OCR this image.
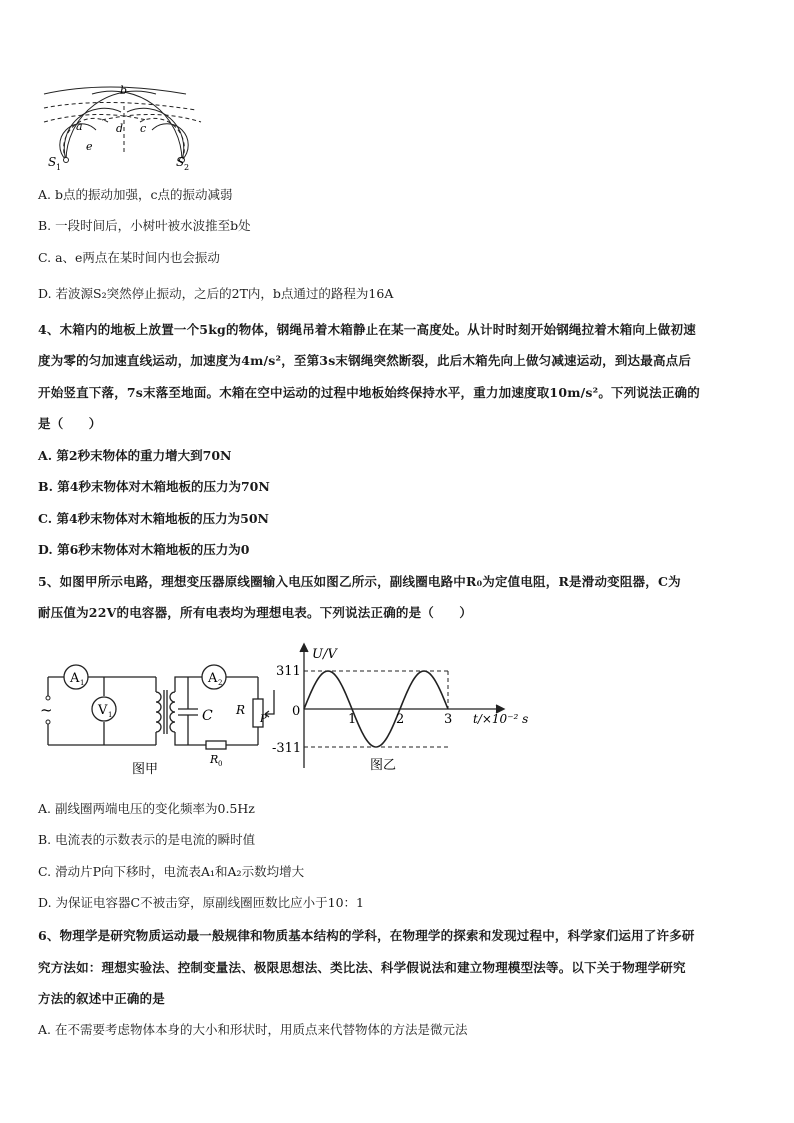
b
a	d c
e
S 1	S 2
A. b点的振动加强，c点的振动减弱
B. 一段时间后，小树叶被水波推至b处
C. a、e两点在某时间内也会振动
D. 若波源S₂突然停止振动，之后的2T内，b点通过的路程为16A
4、木箱内的地板上放置一个5kg的物体，钢绳吊着木箱静止在某一高度处。从计时时刻开始钢绳拉着木箱向上做初速
度为零的匀加速直线运动，加速度为4m/s²，至第3s末钢绳突然断裂，此后木箱先向上做匀减速运动，到达最高点后
开始竖直下落，7s末落至地面。木箱在空中运动的过程中地板始终保持水平，重力加速度取10m/s²。下列说法正确的
是（　　）
A. 第2秒末物体的重力增大到70N
B. 第4秒末物体对木箱地板的压力为70N
C. 第4秒末物体对木箱地板的压力为50N
D. 第6秒末物体对木箱地板的压力为0
5、如图甲所示电路，理想变压器原线圈输入电压如图乙所示，副线圈电路中R₀为定值电阻，R是滑动变阻器，C为
耐压值为22V的电容器，所有电表均为理想电表。下列说法正确的是（　　）
A 1
V 1
A 2
~	C R
P
R 0
图甲
U/V
311
-311
0	t/×10⁻² s
图乙
1	2	3
A. 副线圈两端电压的变化频率为0.5Hz
B. 电流表的示数表示的是电流的瞬时值
C. 滑动片P向下移时，电流表A₁和A₂示数均增大
D. 为保证电容器C不被击穿，原副线圈匝数比应小于10：1
6、物理学是研究物质运动最一般规律和物质基本结构的学科，在物理学的探索和发现过程中，科学家们运用了许多研
究方法如：理想实验法、控制变量法、极限思想法、类比法、科学假说法和建立物理模型法等。以下关于物理学研究
方法的叙述中正确的是
A. 在不需要考虑物体本身的大小和形状时，用质点来代替物体的方法是微元法
